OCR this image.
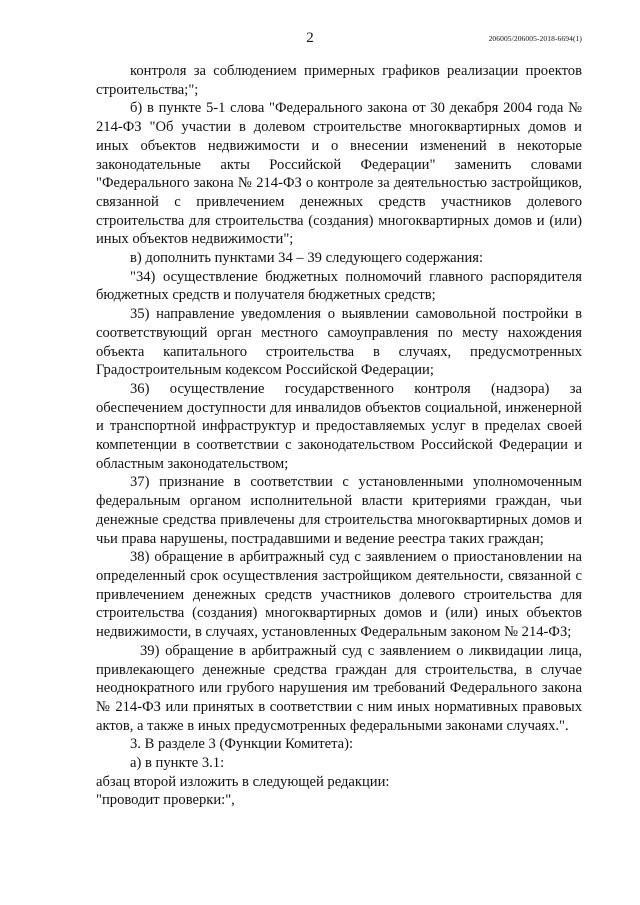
2	206005/206005-2018-6694(1)

контроля за соблюдением примерных графиков реализации проектов строительства;";

б) в пункте 5-1 слова "Федерального закона от 30 декабря 2004 года № 214-ФЗ "Об участии в долевом строительстве многоквартирных домов и иных объектов недвижимости и о внесении изменений в некоторые законодательные акты Российской Федерации" заменить словами "Федерального закона № 214-ФЗ о контроле за деятельностью застройщиков, связанной с привлечением денежных средств участников долевого строительства для строительства (создания) многоквартирных домов и (или) иных объектов недвижимости";

в) дополнить пунктами 34 – 39 следующего содержания:

"34) осуществление бюджетных полномочий главного распорядителя бюджетных средств и получателя бюджетных средств;

35) направление уведомления о выявлении самовольной постройки в соответствующий орган местного самоуправления по месту нахождения объекта капитального строительства в случаях, предусмотренных Градостроительным кодексом Российской Федерации;

36) осуществление государственного контроля (надзора) за обеспечением доступности для инвалидов объектов социальной, инженерной и транспортной инфраструктур и предоставляемых услуг в пределах своей компетенции в соответствии с законодательством Российской Федерации и областным законодательством;

37) признание в соответствии с установленными уполномоченным федеральным органом исполнительной власти критериями граждан, чьи денежные средства привлечены для строительства многоквартирных домов и чьи права нарушены, пострадавшими и ведение реестра таких граждан;

38) обращение в арбитражный суд с заявлением о приостановлении на определенный срок осуществления застройщиком деятельности, связанной с привлечением денежных средств участников долевого строительства для строительства (создания) многоквартирных домов и (или) иных объектов недвижимости, в случаях, установленных Федеральным законом № 214-ФЗ;

39) обращение в арбитражный суд с заявлением о ликвидации лица, привлекающего денежные средства граждан для строительства, в случае неоднократного или грубого нарушения им требований Федерального закона № 214-ФЗ или принятых в соответствии с ним иных нормативных правовых актов, а также в иных предусмотренных федеральными законами случаях.".

3. В разделе 3 (Функции Комитета):

а) в пункте 3.1:

абзац второй изложить в следующей редакции:

"проводит проверки:",
